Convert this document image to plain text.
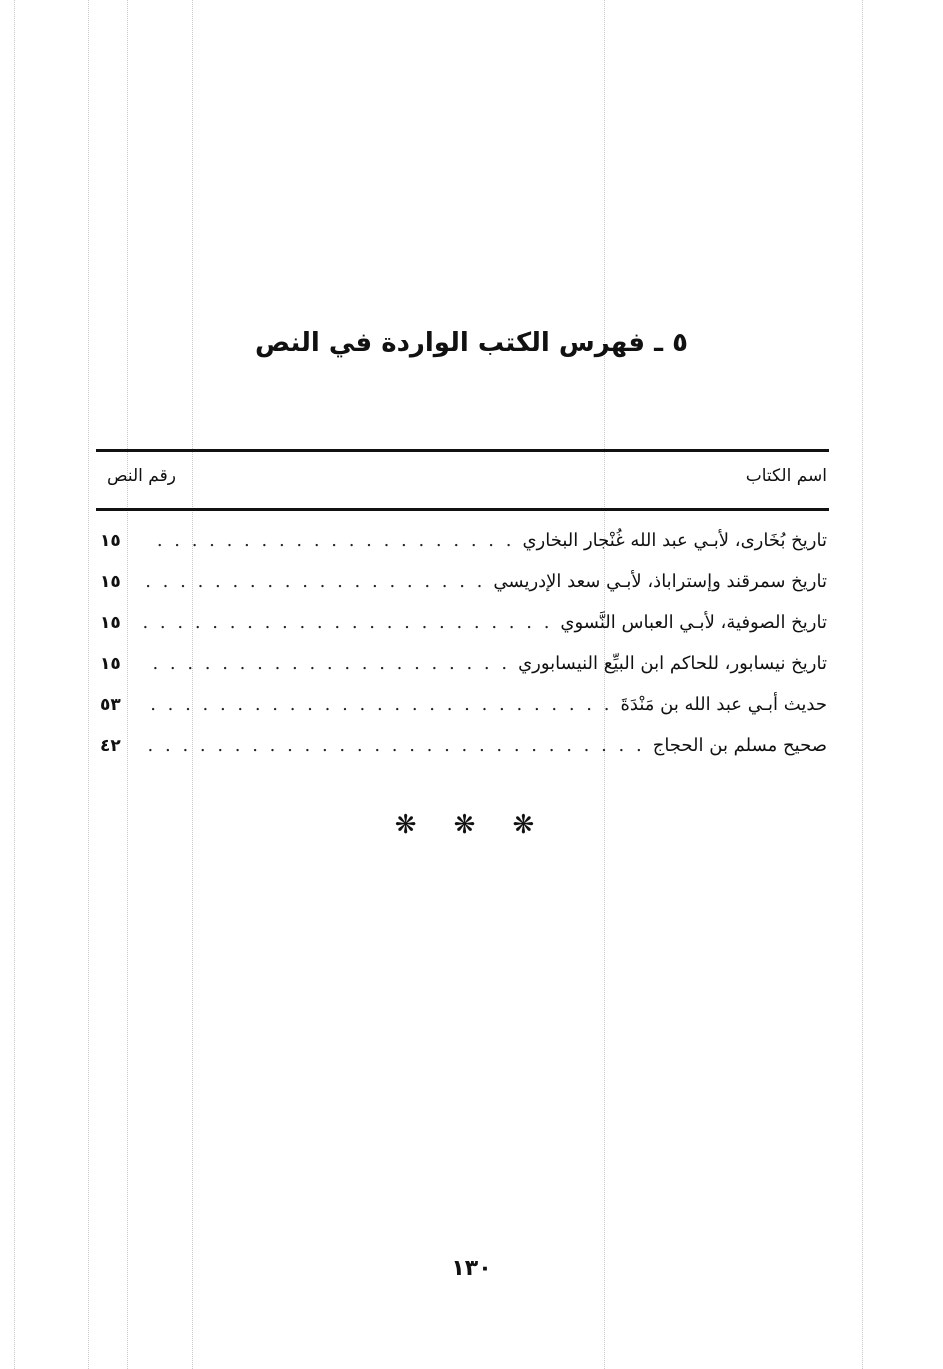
٥ ـ فهرس الكتب الواردة في النص
اسم الكتاب
رقم النص
تاريخ بُخَارى، لأبـي عبد الله غُنْجار البخاري
. . .
١٥
تاريخ سمرقند وإستراباذ، لأبـي سعد الإدريسي
. . .
١٥
تاريخ الصوفية، لأبـي العباس النَّسوي
. . .
١٥
تاريخ نيسابور، للحاكم ابن البيِّع النيسابوري
. . .
١٥
حديث أبـي عبد الله بن مَنْدَةَ
. . .
٥٣
صحيح مسلم بن الحجاج
. . .
٤٢
❋ ❋ ❋
١٣٠
